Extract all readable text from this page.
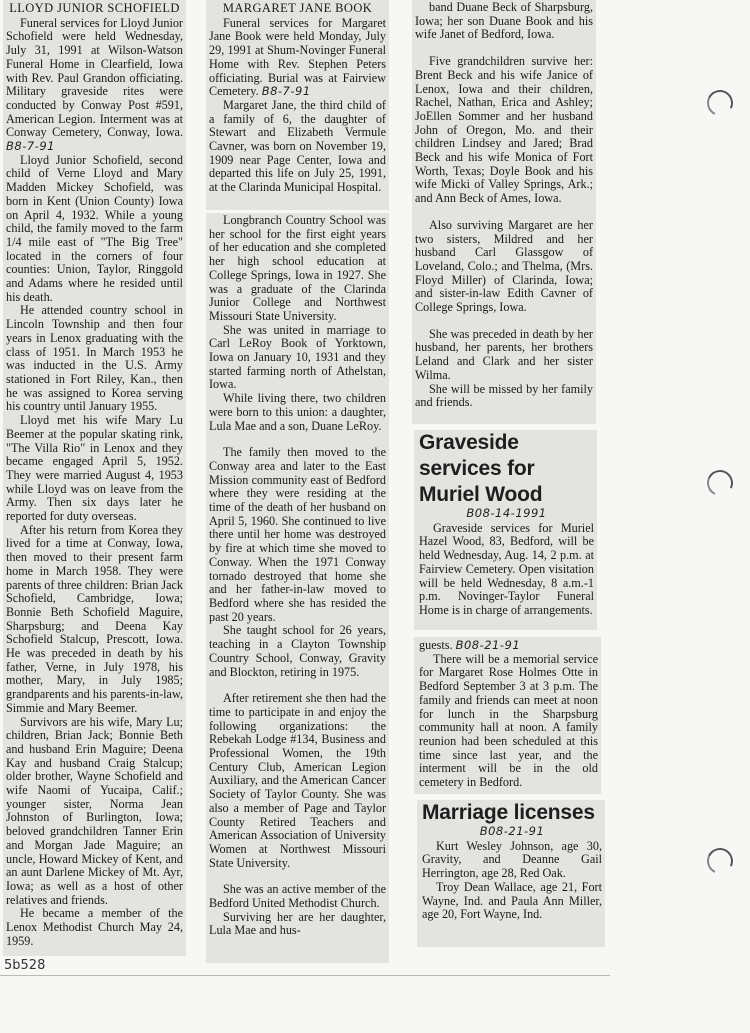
LLOYD JUNIOR SCHOFIELD

Funeral services for Lloyd Junior Schofield were held Wednesday, July 31, 1991 at Wilson-Watson Funeral Home in Clearfield, Iowa with Rev. Paul Grandon officiating. Military graveside rites were conducted by Conway Post #591, American Legion. Interment was at Conway Cemetery, Conway, Iowa. B8-7-91

Lloyd Junior Schofield, second child of Verne Lloyd and Mary Madden Mickey Schofield, was born in Kent (Union County) Iowa on April 4, 1932. While a young child, the family moved to the farm 1/4 mile east of "The Big Tree" located in the corners of four counties: Union, Taylor, Ringgold and Adams where he resided until his death.

He attended country school in Lincoln Township and then four years in Lenox graduating with the class of 1951. In March 1953 he was inducted in the U.S. Army stationed in Fort Riley, Kan., then he was assigned to Korea serving his country until January 1955.

Lloyd met his wife Mary Lu Beemer at the popular skating rink, "The Villa Rio" in Lenox and they became engaged April 5, 1952. They were married August 4, 1953 while Lloyd was on leave from the Army. Then six days later he reported for duty overseas.

After his return from Korea they lived for a time at Conway, Iowa, then moved to their present farm home in March 1958. They were parents of three children: Brian Jack Schofield, Cambridge, Iowa; Bonnie Beth Schofield Maguire, Sharpsburg; and Deena Kay Schofield Stalcup, Prescott, Iowa. He was preceded in death by his father, Verne, in July 1978, his mother, Mary, in July 1985; grandparents and his parents-in-law, Simmie and Mary Beemer.

Survivors are his wife, Mary Lu; children, Brian Jack; Bonnie Beth and husband Erin Maguire; Deena Kay and husband Craig Stalcup; older brother, Wayne Schofield and wife Naomi of Yucaipa, Calif.; younger sister, Norma Jean Johnston of Burlington, Iowa; beloved grandchildren Tanner Erin and Morgan Jade Maguire; an uncle, Howard Mickey of Kent, and an aunt Darlene Mickey of Mt. Ayr, Iowa; as well as a host of other relatives and friends.

He became a member of the Lenox Methodist Church May 24, 1959.

MARGARET JANE BOOK

Funeral services for Margaret Jane Book were held Monday, July 29, 1991 at Shum-Novinger Funeral Home with Rev. Stephen Peters officiating. Burial was at Fairview Cemetery. B8-7-91

Margaret Jane, the third child of a family of 6, the daughter of Stewart and Elizabeth Vermule Cavner, was born on November 19, 1909 near Page Center, Iowa and departed this life on July 25, 1991, at the Clarinda Municipal Hospital.

Longbranch Country School was her school for the first eight years of her education and she completed her high school education at College Springs, Iowa in 1927. She was a graduate of the Clarinda Junior College and Northwest Missouri State University.

She was united in marriage to Carl LeRoy Book of Yorktown, Iowa on January 10, 1931 and they started farming north of Athelstan, Iowa.

While living there, two children were born to this union: a daughter, Lula Mae and a son, Duane LeRoy.

The family then moved to the Conway area and later to the East Mission community east of Bedford where they were residing at the time of the death of her husband on April 5, 1960. She continued to live there until her home was destroyed by fire at which time she moved to Conway. When the 1971 Conway tornado destroyed that home she and her father-in-law moved to Bedford where she has resided the past 20 years.

She taught school for 26 years, teaching in a Clayton Township Country School, Conway, Gravity and Blockton, retiring in 1975.

After retirement she then had the time to participate in and enjoy the following organizations: the Rebekah Lodge #134, Business and Professional Women, the 19th Century Club, American Legion Auxiliary, and the American Cancer Society of Taylor County. She was also a member of Page and Taylor County Retired Teachers and American Association of University Women at Northwest Missouri State University.

She was an active member of the Bedford United Methodist Church.

Surviving her are her daughter, Lula Mae and hus-

band Duane Beck of Sharpsburg, Iowa; her son Duane Book and his wife Janet of Bedford, Iowa.

Five grandchildren survive her: Brent Beck and his wife Janice of Lenox, Iowa and their children, Rachel, Nathan, Erica and Ashley; JoEllen Sommer and her husband John of Oregon, Mo. and their children Lindsey and Jared; Brad Beck and his wife Monica of Fort Worth, Texas; Doyle Book and his wife Micki of Valley Springs, Ark.; and Ann Beck of Ames, Iowa.

Also surviving Margaret are her two sisters, Mildred and her husband Carl Glassgow of Loveland, Colo.; and Thelma, (Mrs. Floyd Miller) of Clarinda, Iowa; and sister-in-law Edith Cavner of College Springs, Iowa.

She was preceded in death by her husband, her parents, her brothers Leland and Clark and her sister Wilma.

She will be missed by her family and friends.

Graveside services for Muriel Wood
B08-14-1991

Graveside services for Muriel Hazel Wood, 83, Bedford, will be held Wednesday, Aug. 14, 2 p.m. at Fairview Cemetery. Open visitation will be held Wednesday, 8 a.m.-1 p.m. Novinger-Taylor Funeral Home is in charge of arrangements.

guests. B08-21-91

There will be a memorial service for Margaret Rose Holmes Otte in Bedford September 3 at 3 p.m. The family and friends can meet at noon for lunch in the Sharpsburg community hall at noon. A family reunion had been scheduled at this time since last year, and the interment will be in the old cemetery in Bedford.

Marriage licenses
B08-21-91

Kurt Wesley Johnson, age 30, Gravity, and Deanne Gail Herrington, age 28, Red Oak.

Troy Dean Wallace, age 21, Fort Wayne, Ind. and Paula Ann Miller, age 20, Fort Wayne, Ind.

5b528
